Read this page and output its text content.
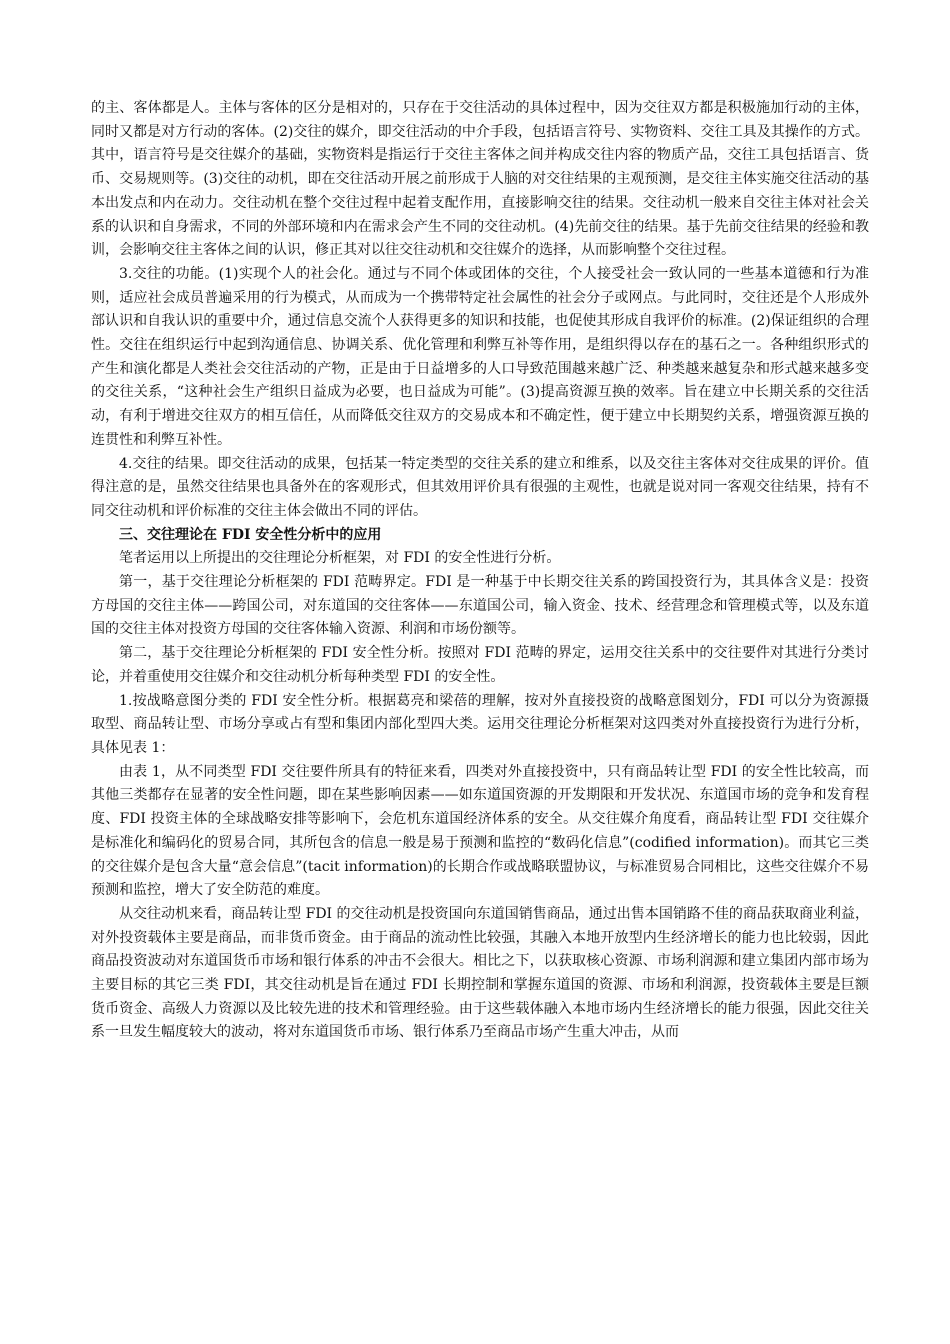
的主、客体都是人。主体与客体的区分是相对的，只存在于交往活动的具体过程中，因为交往双方都是积极施加行动的主体，同时又都是对方行动的客体。(2)交往的媒介，即交往活动的中介手段，包括语言符号、实物资料、交往工具及其操作的方式。其中，语言符号是交往媒介的基础，实物资料是指运行于交往主客体之间并构成交往内容的物质产品，交往工具包括语言、货币、交易规则等。(3)交往的动机，即在交往活动开展之前形成于人脑的对交往结果的主观预测，是交往主体实施交往活动的基本出发点和内在动力。交往动机在整个交往过程中起着支配作用，直接影响交往的结果。交往动机一般来自交往主体对社会关系的认识和自身需求，不同的外部环境和内在需求会产生不同的交往动机。(4)先前交往的结果。基于先前交往结果的经验和教训，会影响交往主客体之间的认识，修正其对以往交往动机和交往媒介的选择，从而影响整个交往过程。

3.交往的功能。(1)实现个人的社会化。通过与不同个体或团体的交往，个人接受社会一致认同的一些基本道德和行为准则，适应社会成员普遍采用的行为模式，从而成为一个携带特定社会属性的社会分子或网点。与此同时，交往还是个人形成外部认识和自我认识的重要中介，通过信息交流个人获得更多的知识和技能，也促使其形成自我评价的标准。(2)保证组织的合理性。交往在组织运行中起到沟通信息、协调关系、优化管理和利弊互补等作用，是组织得以存在的基石之一。各种组织形式的产生和演化都是人类社会交往活动的产物，正是由于日益增多的人口导致范围越来越广泛、种类越来越复杂和形式越来越多变的交往关系，“这种社会生产组织日益成为必要，也日益成为可能”。(3)提高资源互换的效率。旨在建立中长期关系的交往活动，有利于增进交往双方的相互信任，从而降低交往双方的交易成本和不确定性，便于建立中长期契约关系，增强资源互换的连贯性和利弊互补性。

4.交往的结果。即交往活动的成果，包括某一特定类型的交往关系的建立和维系，以及交往主客体对交往成果的评价。值得注意的是，虽然交往结果也具备外在的客观形式，但其效用评价具有很强的主观性，也就是说对同一客观交往结果，持有不同交往动机和评价标准的交往主体会做出不同的评估。

三、交往理论在 FDI 安全性分析中的应用

笔者运用以上所提出的交往理论分析框架，对 FDI 的安全性进行分析。

第一，基于交往理论分析框架的 FDI 范畴界定。FDI 是一种基于中长期交往关系的跨国投资行为，其具体含义是：投资方母国的交往主体——跨国公司，对东道国的交往客体——东道国公司，输入资金、技术、经营理念和管理模式等，以及东道国的交往主体对投资方母国的交往客体输入资源、利润和市场份额等。

第二，基于交往理论分析框架的 FDI 安全性分析。按照对 FDI 范畴的界定，运用交往关系中的交往要件对其进行分类讨论，并着重使用交往媒介和交往动机分析每种类型 FDI 的安全性。

1.按战略意图分类的 FDI 安全性分析。根据葛亮和梁蓓的理解，按对外直接投资的战略意图划分，FDI 可以分为资源摄取型、商品转让型、市场分享或占有型和集团内部化型四大类。运用交往理论分析框架对这四类对外直接投资行为进行分析，具体见表 1：

由表 1，从不同类型 FDI 交往要件所具有的特征来看，四类对外直接投资中，只有商品转让型 FDI 的安全性比较高，而其他三类都存在显著的安全性问题，即在某些影响因素——如东道国资源的开发期限和开发状况、东道国市场的竞争和发育程度、FDI 投资主体的全球战略安排等影响下，会危机东道国经济体系的安全。从交往媒介角度看，商品转让型 FDI 交往媒介是标准化和编码化的贸易合同，其所包含的信息一般是易于预测和监控的“数码化信息”(codified information)。而其它三类的交往媒介是包含大量“意会信息”(tacit information)的长期合作或战略联盟协议，与标准贸易合同相比，这些交往媒介不易预测和监控，增大了安全防范的难度。

从交往动机来看，商品转让型 FDI 的交往动机是投资国向东道国销售商品，通过出售本国销路不佳的商品获取商业利益，对外投资载体主要是商品，而非货币资金。由于商品的流动性比较强，其融入本地开放型内生经济增长的能力也比较弱，因此商品投资波动对东道国货币市场和银行体系的冲击不会很大。相比之下，以获取核心资源、市场利润源和建立集团内部市场为主要目标的其它三类 FDI，其交往动机是旨在通过 FDI 长期控制和掌握东道国的资源、市场和利润源，投资载体主要是巨额货币资金、高级人力资源以及比较先进的技术和管理经验。由于这些载体融入本地市场内生经济增长的能力很强，因此交往关系一旦发生幅度较大的波动，将对东道国货币市场、银行体系乃至商品市场产生重大冲击，从而
